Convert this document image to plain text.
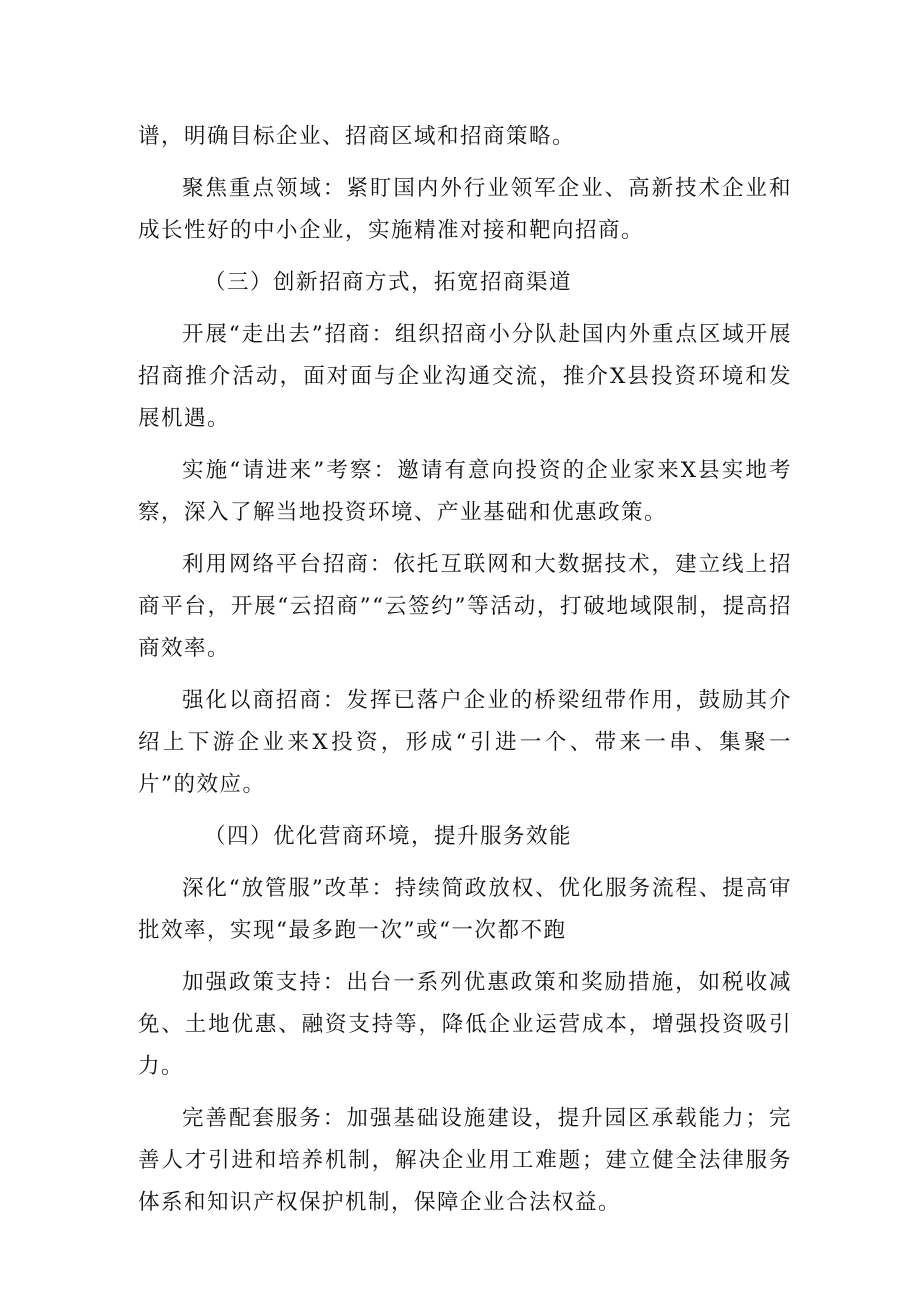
谱，明确目标企业、招商区域和招商策略。

聚焦重点领域：紧盯国内外行业领军企业、高新技术企业和成长性好的中小企业，实施精准对接和靶向招商。

（三）创新招商方式，拓宽招商渠道

开展“走出去”招商：组织招商小分队赴国内外重点区域开展招商推介活动，面对面与企业沟通交流，推介X县投资环境和发展机遇。

实施“请进来”考察：邀请有意向投资的企业家来X县实地考察，深入了解当地投资环境、产业基础和优惠政策。

利用网络平台招商：依托互联网和大数据技术，建立线上招商平台，开展“云招商”“云签约”等活动，打破地域限制，提高招商效率。

强化以商招商：发挥已落户企业的桥梁纽带作用，鼓励其介绍上下游企业来X投资，形成“引进一个、带来一串、集聚一片”的效应。

（四）优化营商环境，提升服务效能

深化“放管服”改革：持续简政放权、优化服务流程、提高审批效率，实现“最多跑一次”或“一次都不跑

加强政策支持：出台一系列优惠政策和奖励措施，如税收减免、土地优惠、融资支持等，降低企业运营成本，增强投资吸引力。

完善配套服务：加强基础设施建设，提升园区承载能力；完善人才引进和培养机制，解决企业用工难题；建立健全法律服务体系和知识产权保护机制，保障企业合法权益。
